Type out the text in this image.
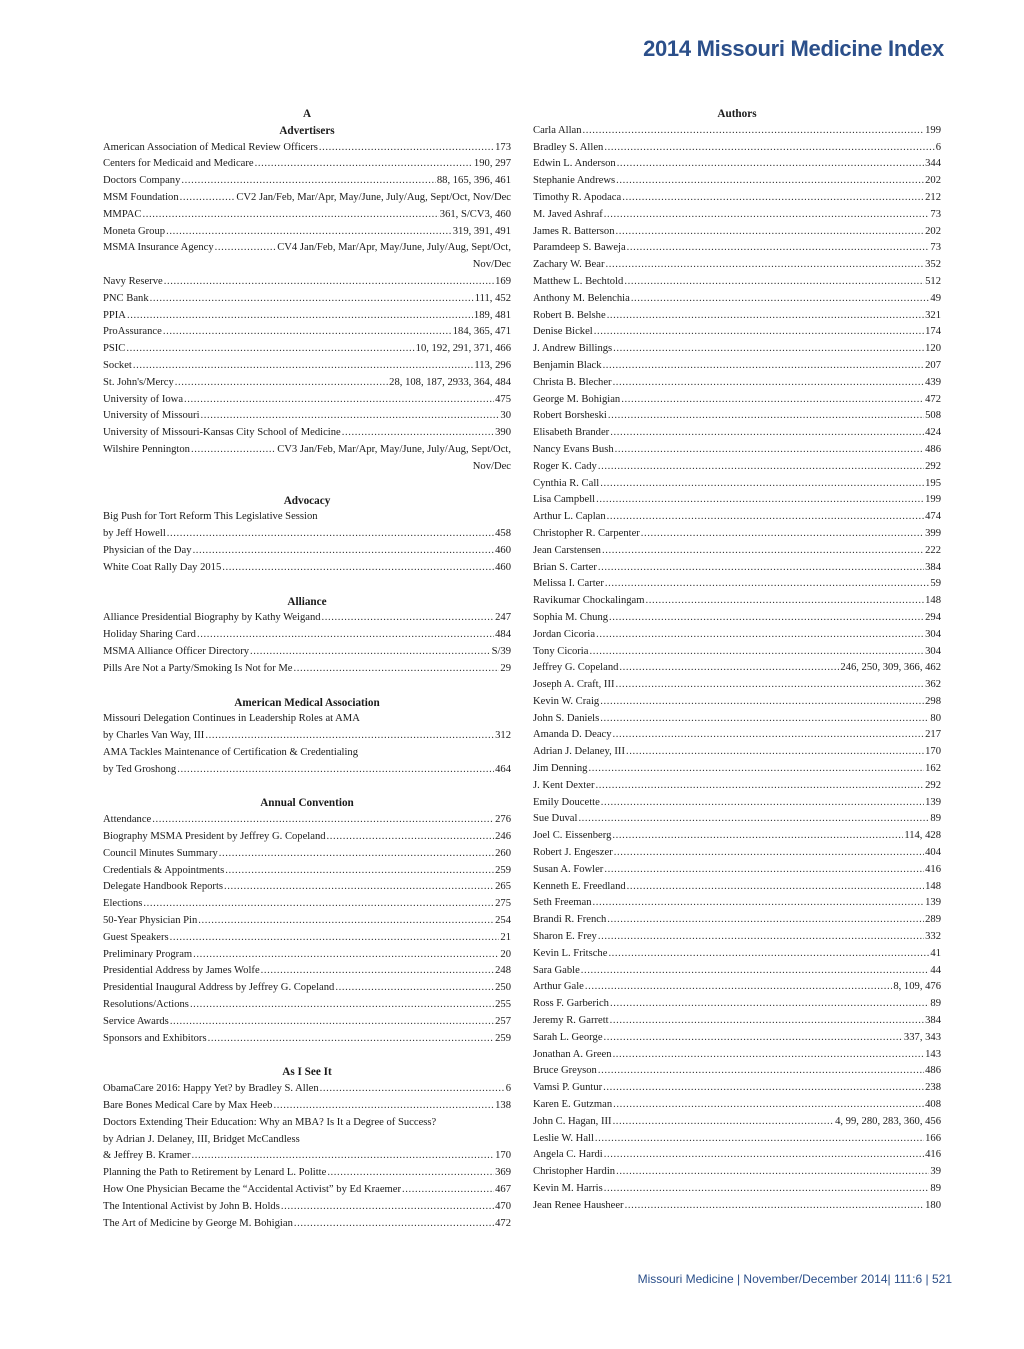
2014 Missouri Medicine Index
A
Advertisers
American Association of Medical Review Officers .....	173
Centers for Medicaid and Medicare .....	190, 297
Doctors Company .....	88, 165, 396, 461
MSM Foundation .....	CV2 Jan/Feb, Mar/Apr, May/June, July/Aug, Sept/Oct, Nov/Dec
MMPAC .....	361, S/CV3, 460
Moneta Group .....	319, 391, 491
MSMA Insurance Agency .....	CV4 Jan/Feb, Mar/Apr, May/June, July/Aug, Sept/Oct,
Nov/Dec
Navy Reserve .....	169
PNC Bank .....	111, 452
PPIA .....	189, 481
ProAssurance .....	184, 365, 471
PSIC .....	10, 192, 291, 371, 466
Socket .....	113, 296
St. John's/Mercy .....	28, 108, 187, 2933, 364, 484
University of Iowa .....	475
University of Missouri .....	30
University of Missouri-Kansas City School of Medicine .....	390
Wilshire Pennington .....	CV3 Jan/Feb, Mar/Apr, May/June, July/Aug, Sept/Oct,
Nov/Dec
Advocacy
Big Push for Tort Reform This Legislative Session
by Jeff Howell .....	458
Physician of the Day .....	460
White Coat Rally Day 2015 .....	460
Alliance
Alliance Presidential Biography by Kathy Weigand .....	247
Holiday Sharing Card .....	484
MSMA Alliance Officer Directory .....	S/39
Pills Are Not a Party/Smoking Is Not for Me .....	29
American Medical Association
Missouri Delegation Continues in Leadership Roles at AMA
by Charles Van Way, III .....	312
AMA Tackles Maintenance of Certification & Credentialing
by Ted Groshong .....	464
Annual Convention
Attendance .....	276
Biography MSMA President by Jeffrey G. Copeland .....	246
Council Minutes Summary .....	260
Credentials & Appointments .....	259
Delegate Handbook Reports .....	265
Elections .....	275
50-Year Physician Pin .....	254
Guest Speakers .....	21
Preliminary Program .....	20
Presidential Address by James Wolfe .....	248
Presidential Inaugural Address by Jeffrey G. Copeland .....	250
Resolutions/Actions .....	255
Service Awards .....	257
Sponsors and Exhibitors .....	259
As I See It
ObamaCare 2016: Happy Yet? by Bradley S. Allen .....	6
Bare Bones Medical Care by Max Heeb .....	138
Doctors Extending Their Education: Why an MBA? Is It a Degree of Success?
by Adrian J. Delaney, III, Bridget McCandless
& Jeffrey B. Kramer .....	170
Planning the Path to Retirement by Lenard L. Politte .....	369
How One Physician Became the “Accidental Activist” by Ed Kraemer .....	467
The Intentional Activist by John B. Holds .....	470
The Art of Medicine by George M. Bohigian .....	472
Authors
Carla Allan .....	199
Bradley S. Allen .....	6
Edwin L. Anderson .....	344
Stephanie Andrews .....	202
Timothy R. Apodaca .....	212
M. Javed Ashraf .....	73
James R. Batterson .....	202
Paramdeep S. Baweja .....	73
Zachary W. Bear .....	352
Matthew L. Bechtold .....	512
Anthony M. Belenchia .....	49
Robert B. Belshe .....	321
Denise Bickel .....	174
J. Andrew Billings .....	120
Benjamin Black .....	207
Christa B. Blecher .....	439
George M. Bohigian .....	472
Robert Borsheski .....	508
Elisabeth Brander .....	424
Nancy Evans Bush .....	486
Roger K. Cady .....	292
Cynthia R. Call .....	195
Lisa Campbell .....	199
Arthur L. Caplan .....	474
Christopher R. Carpenter .....	399
Jean Carstensen .....	222
Brian S. Carter .....	384
Melissa I. Carter .....	59
Ravikumar Chockalingam .....	148
Sophia M. Chung .....	294
Jordan Cicoria .....	304
Tony Cicoria .....	304
Jeffrey G. Copeland .....	246, 250, 309, 366, 462
Joseph A. Craft, III .....	362
Kevin W. Craig .....	298
John S. Daniels .....	80
Amanda D. Deacy .....	217
Adrian J. Delaney, III .....	170
Jim Denning .....	162
J. Kent Dexter .....	292
Emily Doucette .....	139
Sue Duval .....	89
Joel C. Eissenberg .....	114, 428
Robert J. Engeszer .....	404
Susan A. Fowler .....	416
Kenneth E. Freedland .....	148
Seth Freeman .....	139
Brandi R. French .....	289
Sharon E. Frey .....	332
Kevin L. Fritsche .....	41
Sara Gable .....	44
Arthur Gale .....	8, 109, 476
Ross F. Garberich .....	89
Jeremy R. Garrett .....	384
Sarah L. George .....	337, 343
Jonathan A. Green .....	143
Bruce Greyson .....	486
Vamsi P. Guntur .....	238
Karen E. Gutzman .....	408
John C. Hagan, III .....	4, 99, 280, 283, 360, 456
Leslie W. Hall .....	166
Angela C. Hardi .....	416
Christopher Hardin .....	39
Kevin M. Harris .....	89
Jean Renee Hausheer .....	180
Missouri Medicine | November/December 2014| 111:6 | 521
